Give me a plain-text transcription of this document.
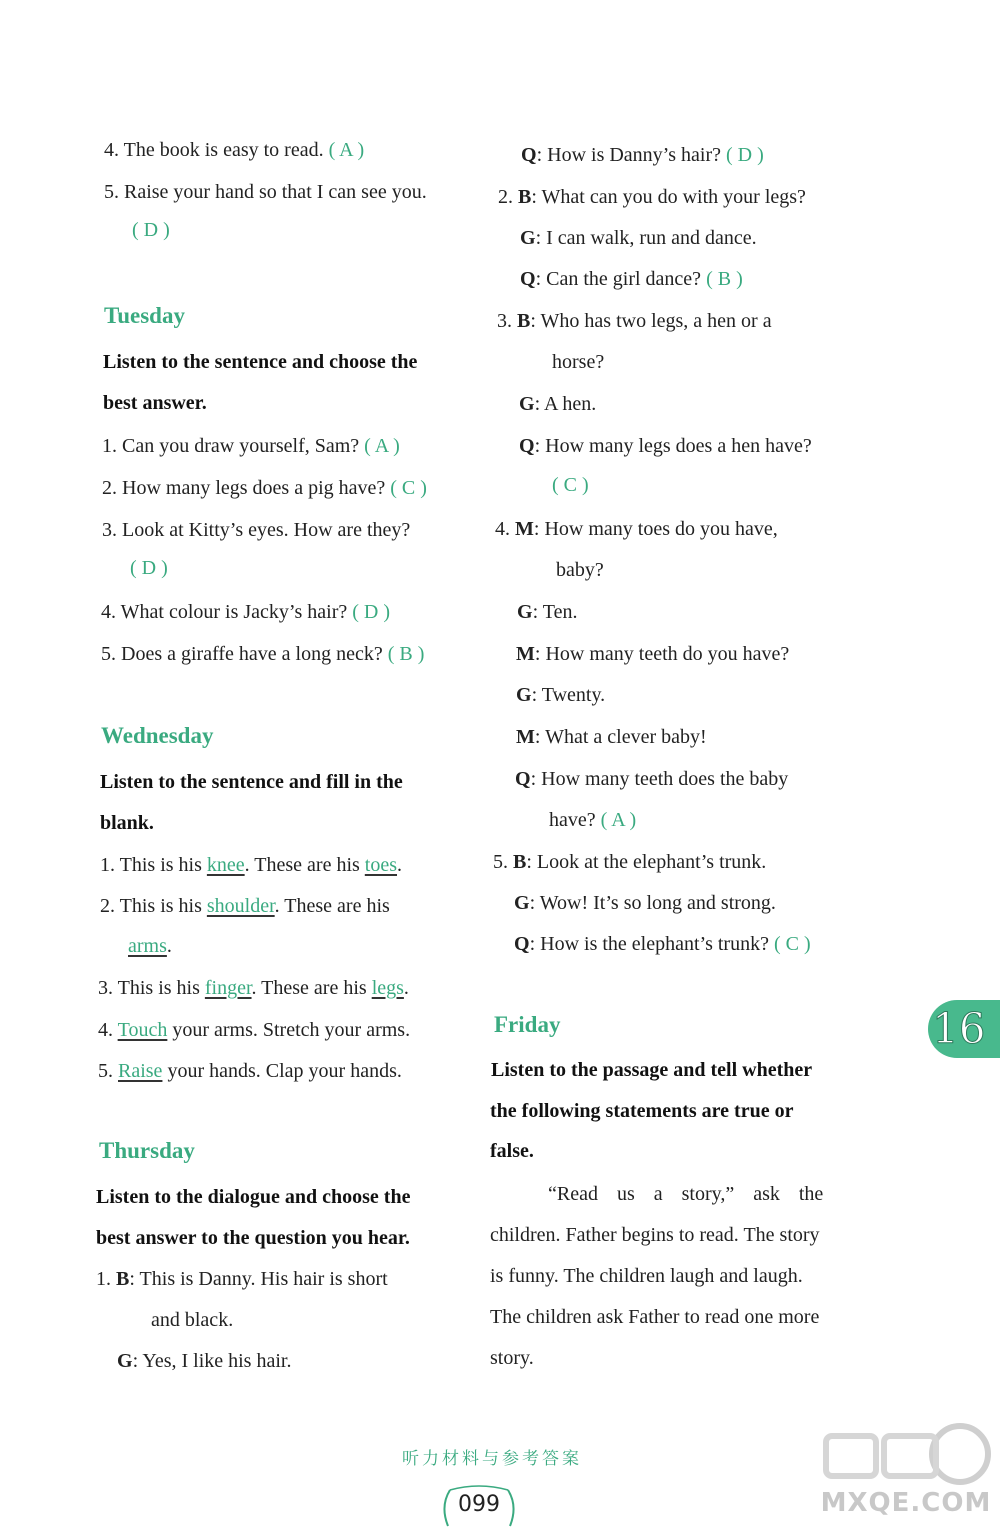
4. The book is easy to read. ( A )
5. Raise your hand so that I can see you.
( D )
Tuesday
Listen to the sentence and choose the
best answer.
1. Can you draw yourself, Sam? ( A )
2. How many legs does a pig have? ( C )
3. Look at Kitty’s eyes. How are they?
( D )
4. What colour is Jacky’s hair? ( D )
5. Does a giraffe have a long neck? ( B )
Wednesday
Listen to the sentence and fill in the
blank.
1. This is his knee. These are his toes.
2. This is his shoulder. These are his
arms.
3. This is his finger. These are his legs.
4. Touch your arms. Stretch your arms.
5. Raise your hands. Clap your hands.
Thursday
Listen to the dialogue and choose the
best answer to the question you hear.
1. B: This is Danny. His hair is short
and black.
G: Yes, I like his hair.
Q: How is Danny’s hair? ( D )
2. B: What can you do with your legs?
G: I can walk, run and dance.
Q: Can the girl dance? ( B )
3. B: Who has two legs, a hen or a
horse?
G: A hen.
Q: How many legs does a hen have?
( C )
4. M: How many toes do you have,
baby?
G: Ten.
M: How many teeth do you have?
G: Twenty.
M: What a clever baby!
Q: How many teeth does the baby
have? ( A )
5. B: Look at the elephant’s trunk.
G: Wow! It’s so long and strong.
Q: How is the elephant’s trunk? ( C )
Friday
Listen to the passage and tell whether
the following statements are true or
false.
“Read us a story,” ask the
children. Father begins to read. The story
is funny. The children laugh and laugh.
The children ask Father to read one more
story.
16
听力材料与参考答案
099	MXQE.COM
